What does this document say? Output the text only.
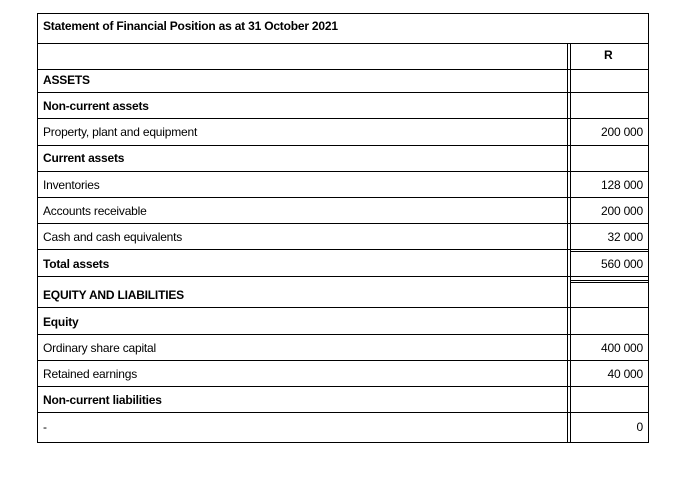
Statement of Financial Position as at 31 October 2021
R
ASSETS
Non-current assets
Property, plant and equipment	200 000
Current assets
Inventories	128 000
Accounts receivable	200 000
Cash and cash equivalents	32 000
Total assets	560 000
EQUITY AND LIABILITIES
Equity
Ordinary share capital	400 000
Retained earnings	40 000
Non-current liabilities
-	0
